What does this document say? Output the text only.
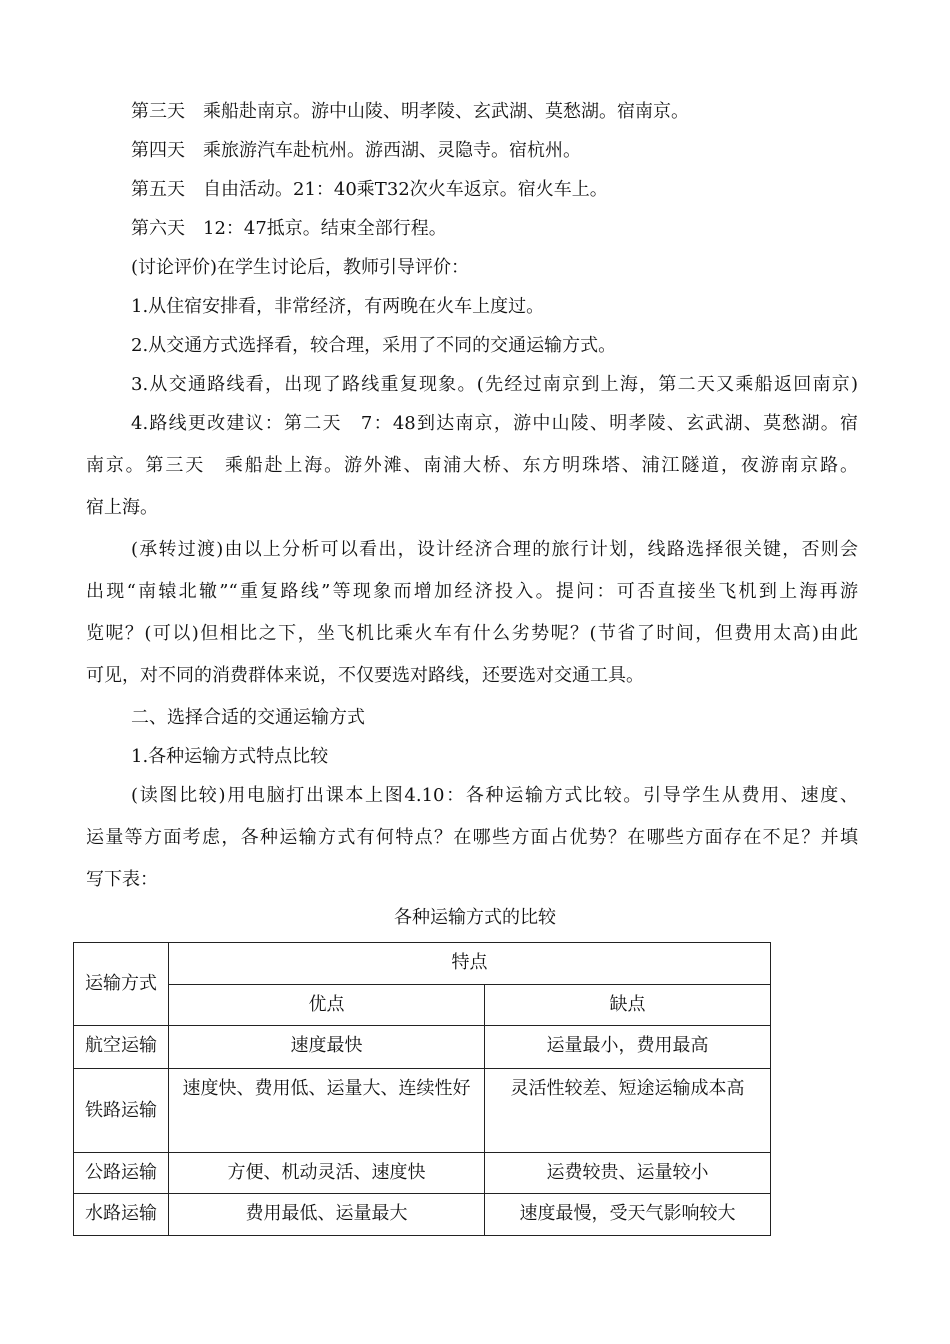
第三天　乘船赴南京。游中山陵、明孝陵、玄武湖、莫愁湖。宿南京。
第四天　乘旅游汽车赴杭州。游西湖、灵隐寺。宿杭州。
第五天　自由活动。21：40乘T32次火车返京。宿火车上。
第六天　12：47抵京。结束全部行程。
(讨论评价)在学生讨论后，教师引导评价：
1.从住宿安排看，非常经济，有两晚在火车上度过。
2.从交通方式选择看，较合理，采用了不同的交通运输方式。
3.从交通路线看，出现了路线重复现象。(先经过南京到上海，第二天又乘船返回南京)
4.路线更改建议：第二天　7：48到达南京，游中山陵、明孝陵、玄武湖、莫愁湖。宿
南京。第三天　乘船赴上海。游外滩、南浦大桥、东方明珠塔、浦江隧道，夜游南京路。
宿上海。
(承转过渡)由以上分析可以看出，设计经济合理的旅行计划，线路选择很关键，否则会
出现“南辕北辙”“重复路线”等现象而增加经济投入。提问：可否直接坐飞机到上海再游
览呢？(可以)但相比之下，坐飞机比乘火车有什么劣势呢？(节省了时间，但费用太高)由此
可见，对不同的消费群体来说，不仅要选对路线，还要选对交通工具。
二、选择合适的交通运输方式
1.各种运输方式特点比较
(读图比较)用电脑打出课本上图4.10：各种运输方式比较。引导学生从费用、速度、
运量等方面考虑，各种运输方式有何特点？在哪些方面占优势？在哪些方面存在不足？并填
写下表：
各种运输方式的比较
运输方式	特点	
	优点	缺点
航空运输	速度最快	运量最小，费用最高
铁路运输	速度快、费用低、运量大、连续性好	灵活性较差、短途运输成本高
公路运输	方便、机动灵活、速度快	运费较贵、运量较小
水路运输	费用最低、运量最大	速度最慢，受天气影响较大
